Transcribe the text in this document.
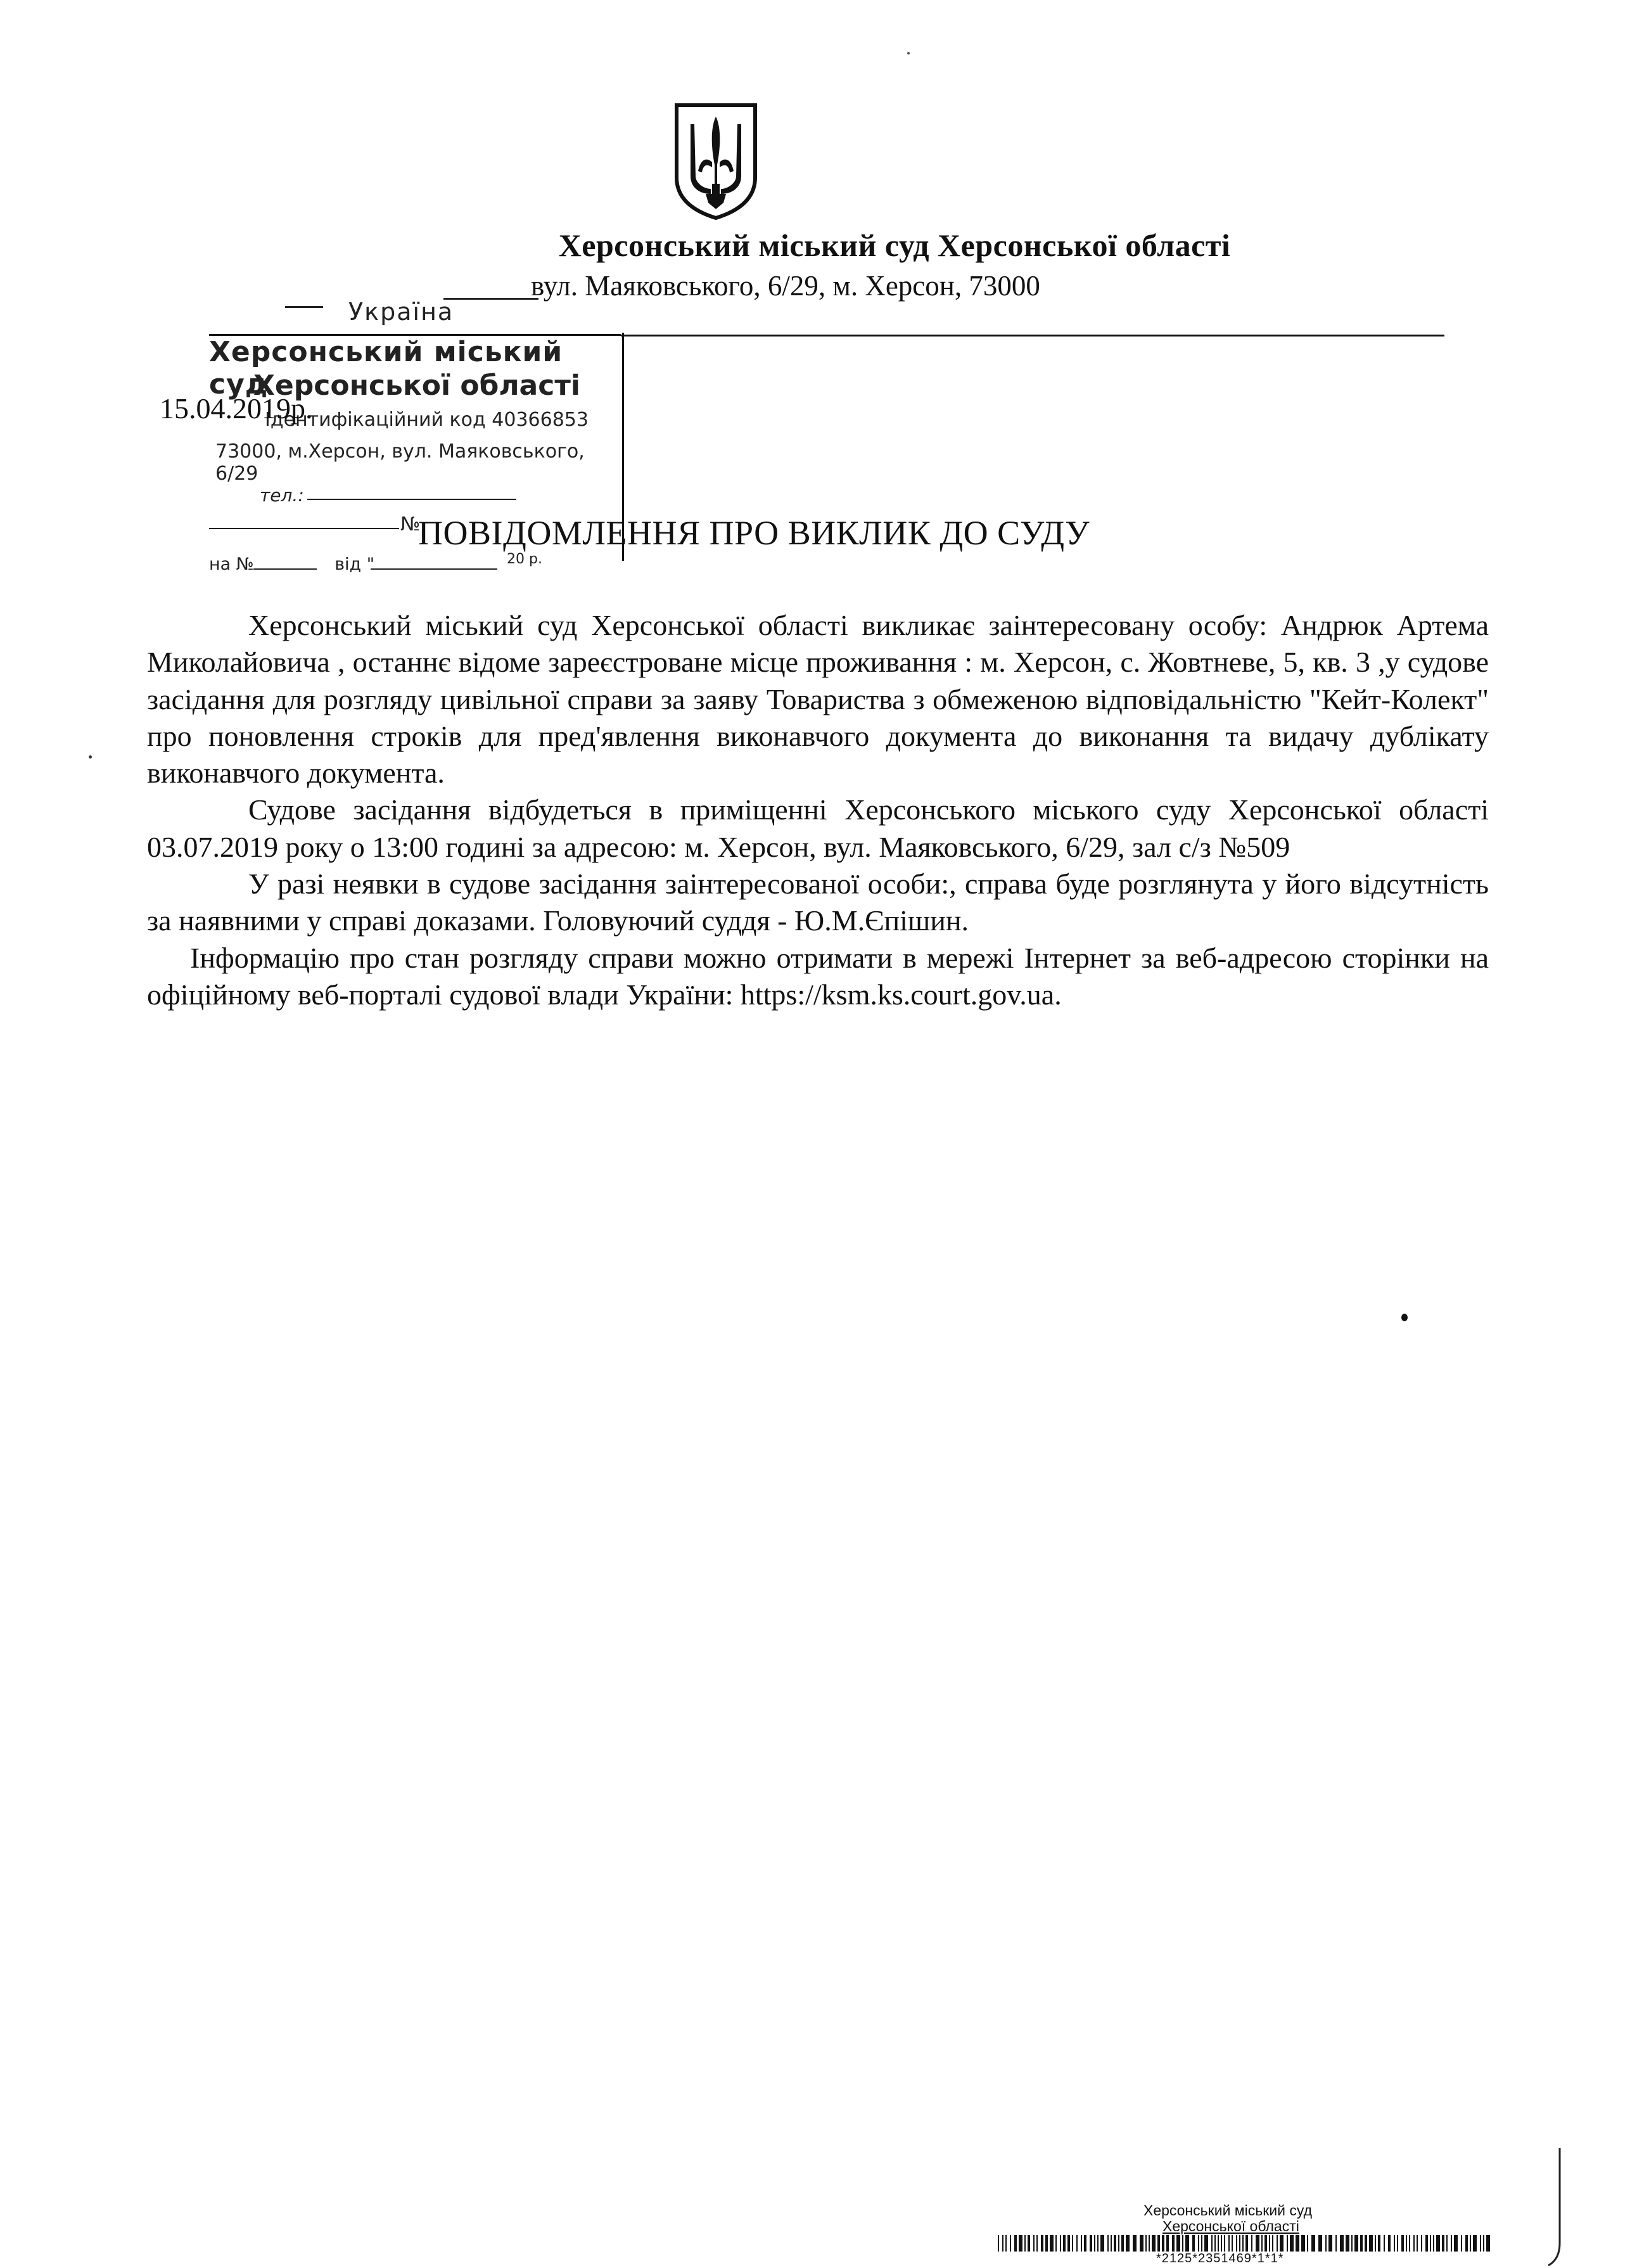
Херсонський міський суд Херсонської області
вул. Маяковського, 6/29, м. Херсон, 73000
Україна
Херсонський міський суд
Херсонської області
Ідентифікаційний код 40366853
73000, м.Херсон, вул. Маяковського, 6/29
тел.:
№
на №	від "	20 р.
15.04.2019р.
ПОВІДОМЛЕННЯ ПРО ВИКЛИК ДО СУДУ

Херсонський міський суд Херсонської області викликає заінтересовану особу: Андрюк Артема Миколайовича , останнє відоме зареєстроване місце проживання : м. Херсон, с. Жовтневе, 5, кв. 3 ,у судове засідання для розгляду цивільної справи за заяву Товариства з обмеженою відповідальністю "Кейт-Колект" про поновлення строків для пред'явлення виконавчого документа до виконання та видачу дублікату виконавчого документа.

Судове засідання відбудеться в приміщенні Херсонського міського суду Херсонської області 03.07.2019 року о 13:00 годині за адресою: м. Херсон, вул. Маяковського, 6/29, зал с/з №509

У разі неявки в судове засідання заінтересованої особи:, справа буде розглянута у його відсутність за наявними у справі доказами. Головуючий суддя - Ю.М.Єпішин.

Інформацію про стан розгляду справи можно отримати в мережі Інтернет за веб-адресою сторінки на офіційному веб-порталі судової влади України: https://ksm.ks.court.gov.ua.

Херсонський міський суд
Херсонської області
*2125*2351469*1*1*
